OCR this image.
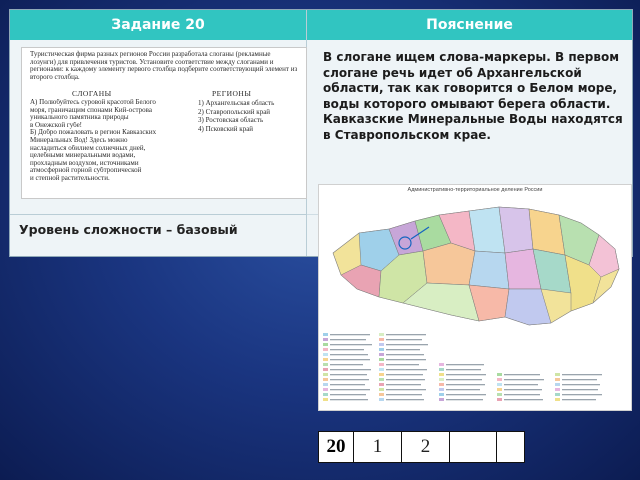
Задание 20	Пояснение
Туристическая фирма разных регионов России разработала слоганы (рекламные лозунги) для привлечения туристов. Установите соответствие между слоганами и регионами: к каждому элементу первого столбца подберите соответствующий элемент из второго столбца.
СЛОГАНЫ	РЕГИОНЫ
А) Полюбуйтесь суровой красотой Белого
моря, граничащим спонами Кий-острова
уникального памятника природы
в Онежской губе!
Б) Добро пожаловать в регион Кавказских
Минеральных Вод! Здесь можно
насладиться обилием солнечных дней,
целебными минеральными водами,
прохладным воздухом, источниками
атмосферной горной субтропической
и степной растительности.
1) Архангельская область
2) Ставропольский край
3) Ростовская область
4) Псковский край
В слогане ищем слова-маркеры. В первом слогане речь идет об Архангельской области, так как говорится о Белом море, воды которого омывают берега области. Кавказские Минеральные Воды находятся в Ставропольском крае.
Уровень сложности – базовый
Административно-территориальное деление России
20	1	2
